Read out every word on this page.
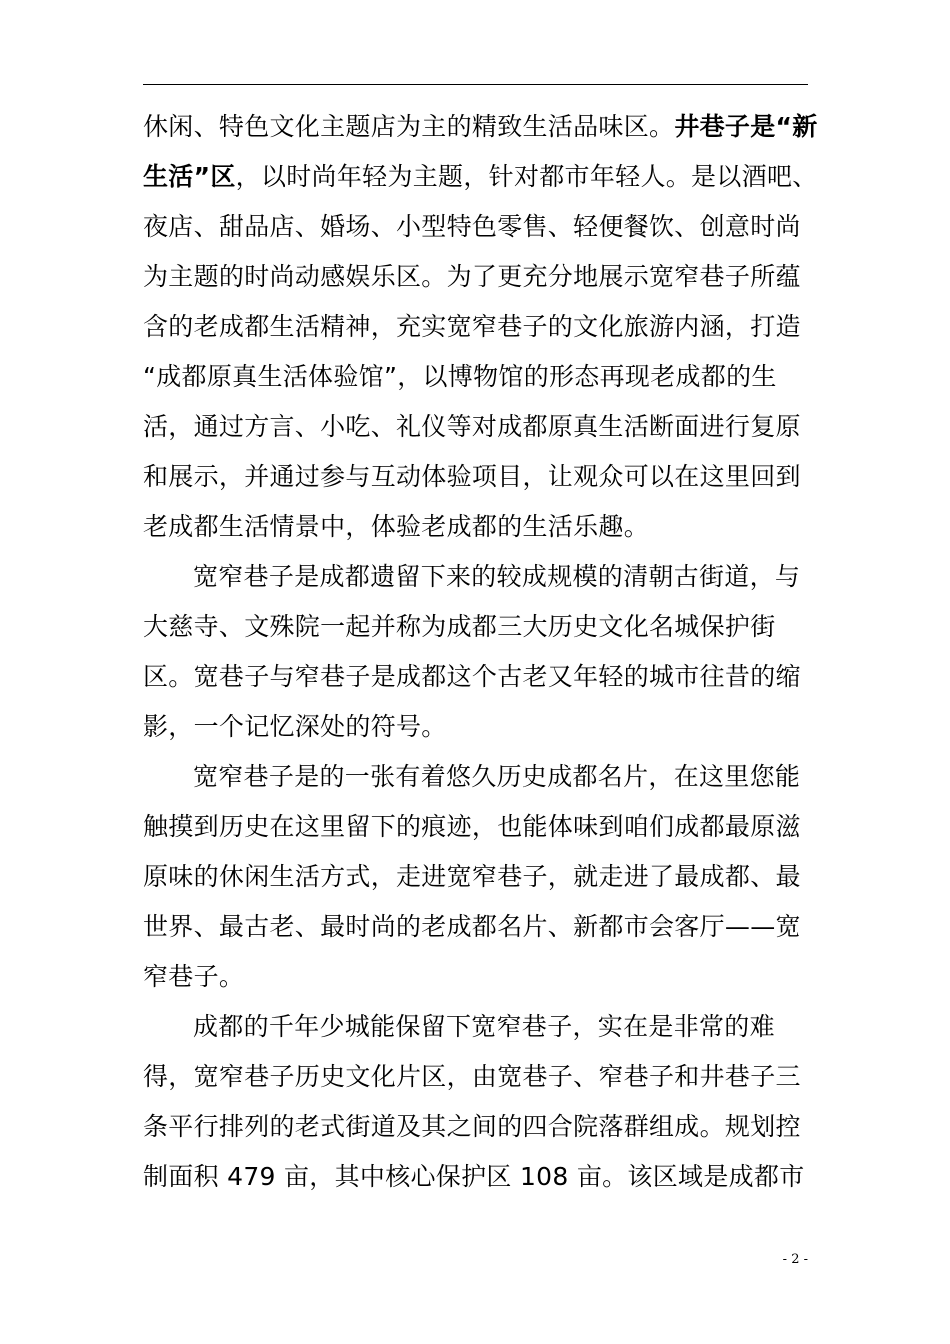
休闲、特色文化主题店为主的精致生活品味区。井巷子是“新
生活”区，以时尚年轻为主题，针对都市年轻人。是以酒吧、
夜店、甜品店、婚场、小型特色零售、轻便餐饮、创意时尚
为主题的时尚动感娱乐区。为了更充分地展示宽窄巷子所蕴
含的老成都生活精神，充实宽窄巷子的文化旅游内涵，打造
“成都原真生活体验馆”，以博物馆的形态再现老成都的生
活，通过方言、小吃、礼仪等对成都原真生活断面进行复原
和展示，并通过参与互动体验项目，让观众可以在这里回到
老成都生活情景中，体验老成都的生活乐趣。
宽窄巷子是成都遗留下来的较成规模的清朝古街道，与
大慈寺、文殊院一起并称为成都三大历史文化名城保护街
区。宽巷子与窄巷子是成都这个古老又年轻的城市往昔的缩
影，一个记忆深处的符号。
宽窄巷子是的一张有着悠久历史成都名片，在这里您能
触摸到历史在这里留下的痕迹，也能体味到咱们成都最原滋
原味的休闲生活方式，走进宽窄巷子，就走进了最成都、最
世界、最古老、最时尚的老成都名片、新都市会客厅——宽
窄巷子。
成都的千年少城能保留下宽窄巷子，实在是非常的难
得，宽窄巷子历史文化片区，由宽巷子、窄巷子和井巷子三
条平行排列的老式街道及其之间的四合院落群组成。规划控
制面积 479 亩，其中核心保护区 108 亩。该区域是成都市
- 2 -
